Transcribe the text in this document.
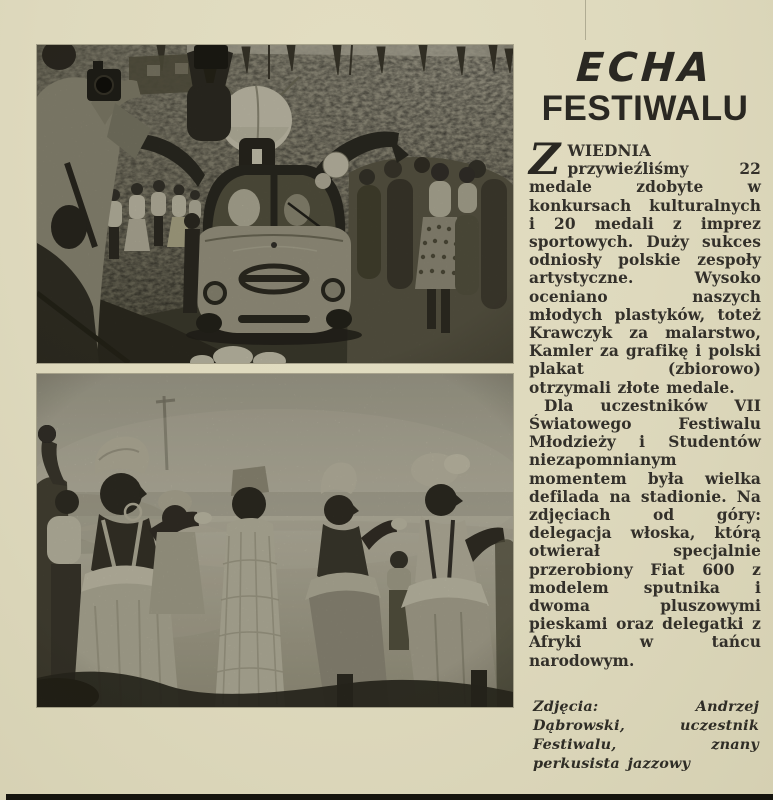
ECHA
FESTIWALU

ZWIEDNIA przywieźliśmy 22 medale zdobyte w konkursach kulturalnych i 20 medali z imprez sportowych. Duży sukces odniosły polskie zespoły artystyczne. Wysoko oceniano naszych młodych plastyków, toteż Krawczyk za malarstwo, Kamler za grafikę i polski plakat (zbiorowo) otrzymali złote medale.

Dla uczestników VII Światowego Festiwalu Młodzieży i Studentów niezapomnianym momentem była wielka defilada na stadionie. Na zdjęciach od góry: delegacja włoska, którą otwierał specjalnie przerobiony Fiat 600 z modelem sputnika i dwoma pluszowymi pieskami oraz delegatki z Afryki w tańcu narodowym.

Zdjęcia: Andrzej Dąbrowski, uczestnik Festiwalu, znany perkusista jazzowy
